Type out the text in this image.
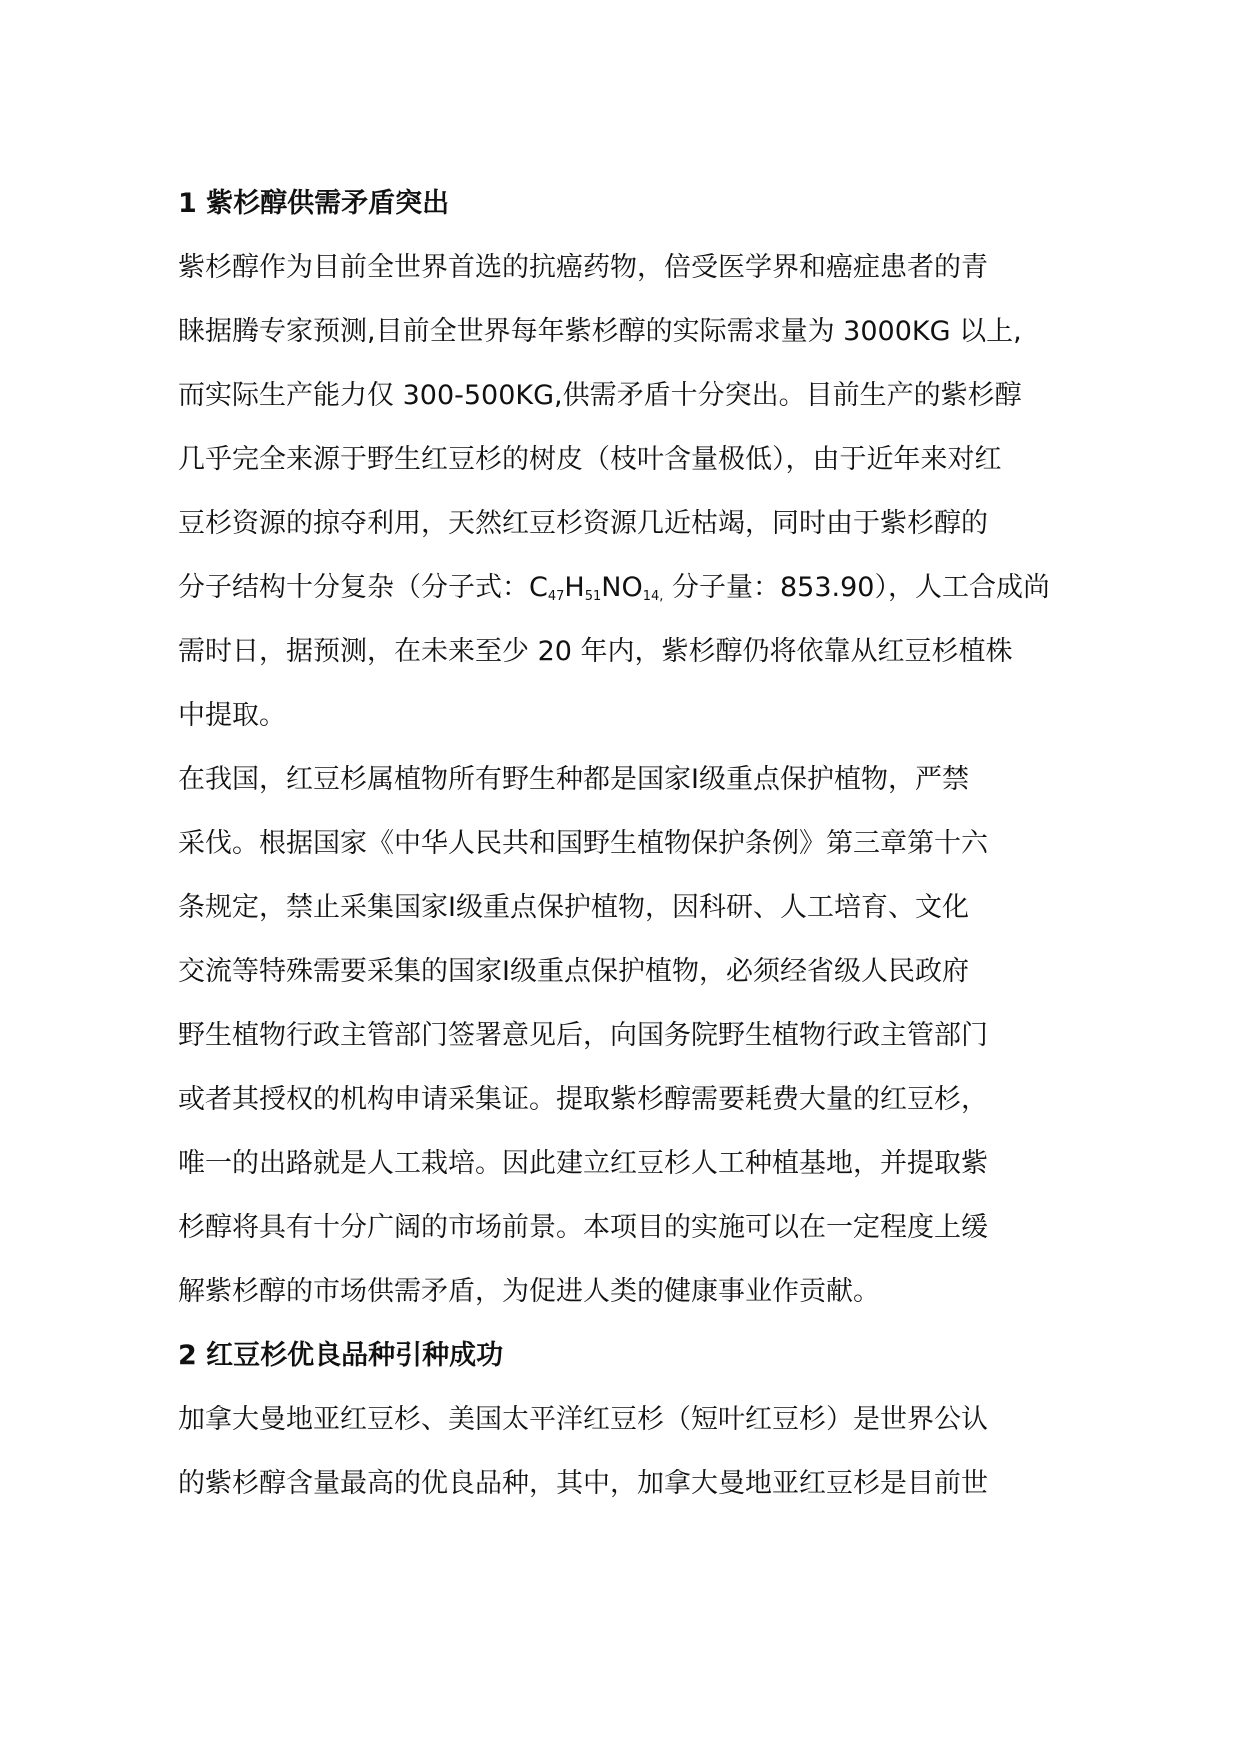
1 紫杉醇供需矛盾突出
紫杉醇作为目前全世界首选的抗癌药物，倍受医学界和癌症患者的青
睐据腾专家预测,目前全世界每年紫杉醇的实际需求量为 3000KG 以上,
而实际生产能力仅 300-500KG,供需矛盾十分突出。目前生产的紫杉醇
几乎完全来源于野生红豆杉的树皮（枝叶含量极低），由于近年来对红
豆杉资源的掠夺利用，天然红豆杉资源几近枯竭，同时由于紫杉醇的
分子结构十分复杂（分子式：$C_{47}H_{51}NO_{14,}$ 分子量：853.90），人工合成尚
需时日，据预测，在未来至少 20 年内，紫杉醇仍将依靠从红豆杉植株
中提取。
在我国，红豆杉属植物所有野生种都是国家Ⅰ级重点保护植物，严禁
采伐。根据国家《中华人民共和国野生植物保护条例》第三章第十六
条规定，禁止采集国家Ⅰ级重点保护植物，因科研、人工培育、文化
交流等特殊需要采集的国家Ⅰ级重点保护植物，必须经省级人民政府
野生植物行政主管部门签署意见后，向国务院野生植物行政主管部门
或者其授权的机构申请采集证。提取紫杉醇需要耗费大量的红豆杉，
唯一的出路就是人工栽培。因此建立红豆杉人工种植基地，并提取紫
杉醇将具有十分广阔的市场前景。本项目的实施可以在一定程度上缓
解紫杉醇的市场供需矛盾，为促进人类的健康事业作贡献。
2 红豆杉优良品种引种成功
加拿大曼地亚红豆杉、美国太平洋红豆杉（短叶红豆杉）是世界公认
的紫杉醇含量最高的优良品种，其中，加拿大曼地亚红豆杉是目前世
